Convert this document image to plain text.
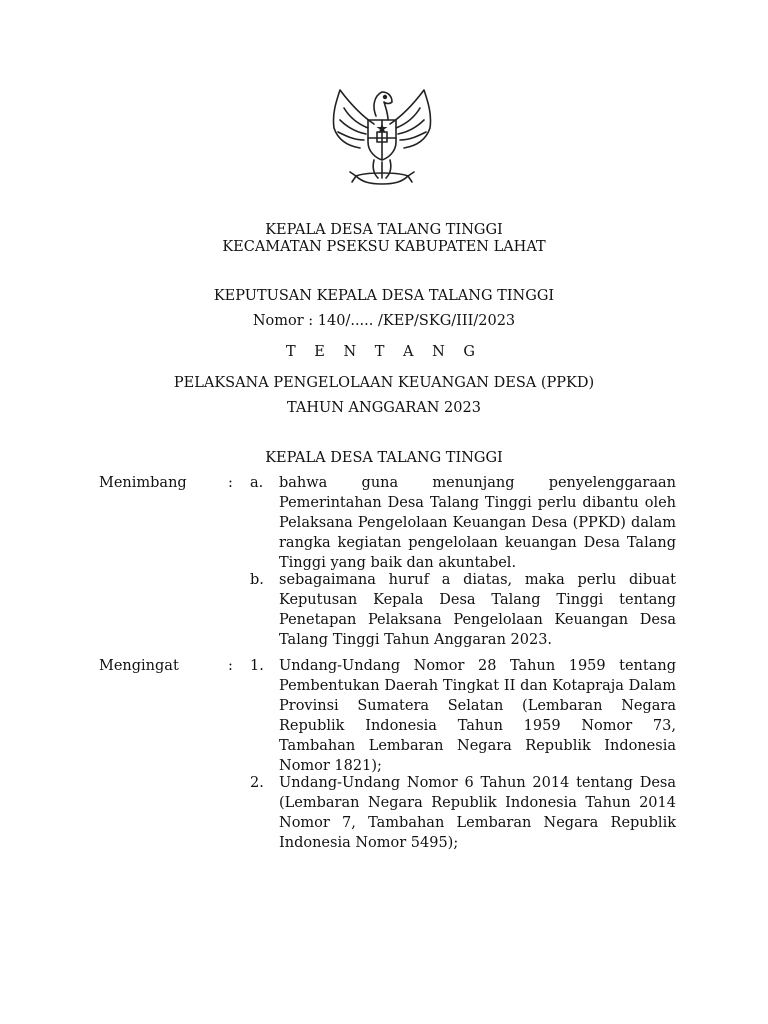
KEPALA DESA TALANG TINGGI
KECAMATAN PSEKSU KABUPATEN LAHAT
KEPUTUSAN KEPALA DESA TALANG TINGGI
Nomor : 140/..... /KEP/SKG/III/2023
T E N T A N G
PELAKSANA PENGELOLAAN KEUANGAN DESA (PPKD)
TAHUN ANGGARAN 2023
KEPALA DESA TALANG TINGGI
Menimbang	: a.	bahwa guna menunjang penyelenggaraan Pemerintahan Desa Talang Tinggi perlu dibantu oleh Pelaksana Pengelolaan Keuangan Desa (PPKD) dalam rangka kegiatan pengelolaan keuangan Desa Talang Tinggi yang baik dan akuntabel.
b.	sebagaimana huruf a diatas, maka perlu dibuat Keputusan Kepala Desa Talang Tinggi tentang Penetapan Pelaksana Pengelolaan Keuangan Desa Talang Tinggi Tahun Anggaran 2023.
Mengingat	: 1.	Undang-Undang Nomor 28 Tahun 1959 tentang Pembentukan Daerah Tingkat II dan Kotapraja Dalam Provinsi Sumatera Selatan (Lembaran Negara Republik Indonesia Tahun 1959 Nomor 73, Tambahan Lembaran Negara Republik Indonesia Nomor 1821);
2.	Undang-Undang Nomor 6 Tahun 2014 tentang Desa (Lembaran Negara Republik Indonesia Tahun 2014 Nomor 7, Tambahan Lembaran Negara Republik Indonesia Nomor 5495);
